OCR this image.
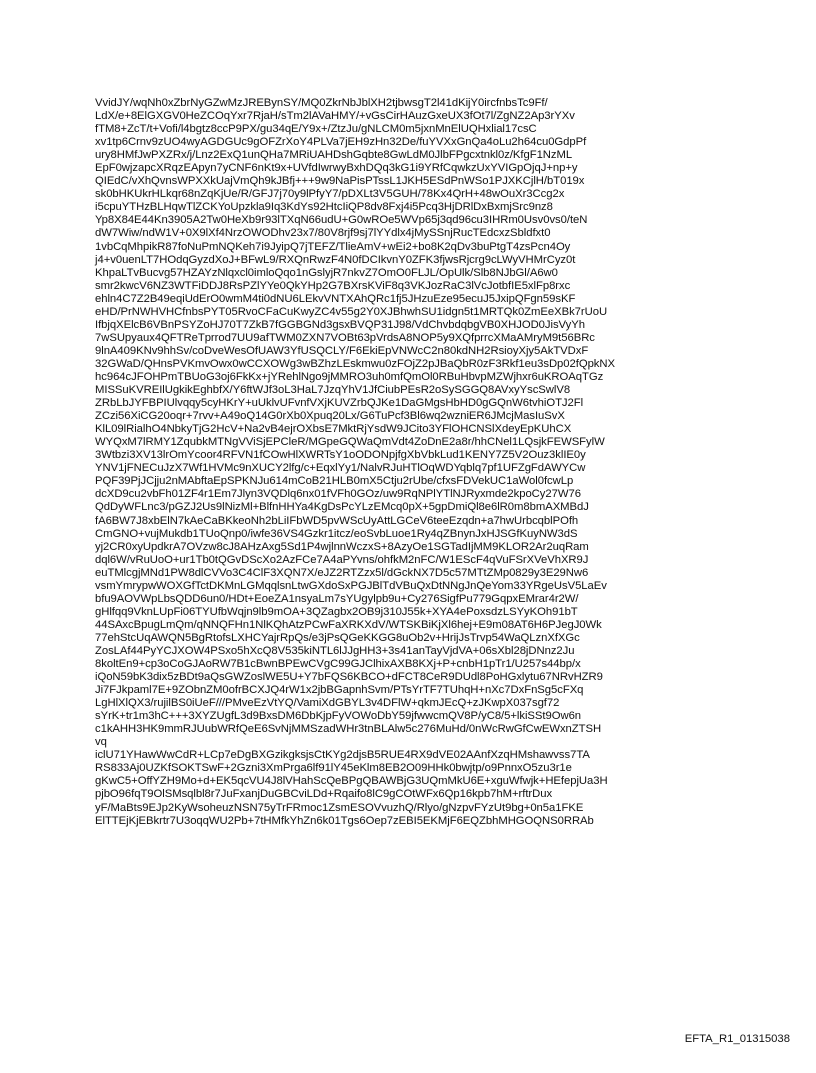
VvidJY/wqNh0xZbrNyGZwMzJREBynSY/MQ0ZkrNbJblXH2tjbwsgT2l41dKijY0ircfnbsTc9Ff/
LdX/e+8ElGXGV0HeZCOqYxr7RjaH/sTm2lAVaHMY/+vGsCirHAuzGxeUX3fOt7l/ZgNZ2Ap3rYXv
fTM8+ZcT/t+Vofi/l4bgtz8ccP9PX/gu34qE/Y9x+/ZtzJu/gNLCM0m5jxnMnElUQHxlial17csC
xv1tp6Crnv9zUO4wyAGDGUc9gOFZrXoY4PLVa7jEH9zHn32De/fuYVXxGnQa4oLu2h64cu0GdpPf
ury8HMfJwPXZRx/j/Lnz2ExQ1unQHa7MRiUAHDshGqbte8GwLdM0JlbFPgcxtnkl0z/KfgF1NzML
EpF0wjzapcXRqzEApyn7yCNF6nKt9x+UVfdIwrwyBxhDQq3kG1i9YRfCqwkzUxYVIGpOjqJ+np+y
QIEdC/vXhQvnsWPXXkUajVmQh9kJBfj+++9w9NaPisPTssL1JKH5ESdPnWSo1PJXKCjlH/bT019x
sk0bHKUkrHLkqr68nZqKjUe/R/GFJ7j70y9lPfyY7/pDXLt3V5GUH/78Kx4QrH+48wOuXr3Ccg2x
i5cpuYTHzBLHqwTlZCKYoUpzkla9Iq3KdYs92HtcIiQP8dv8Fxj4i5Pcq3HjDRlDxBxmjSrc9nz8
Yp8X84E44Kn3905A2Tw0HeXb9r93lTXqN66udU+G0wROe5WVp65j3qd96cu3IHRm0Usv0vs0/teN
dW7Wiw/ndW1V+0X9lXf4NrzOWODhv23x7/80V8rjf9sj7lYYdlx4jMySSnjRucTEdcxzSbldfxt0
1vbCqMhpikR87foNuPmNQKeh7i9JyipQ7jTEFZ/TlieAmV+wEi2+bo8K2qDv3buPtgT4zsPcn4Oy
j4+v0uenLT7HOdqGyzdXoJ+BFwL9/RXQnRwzF4N0fDCIkvnY0ZFK3fjwsRjcrg9cLWyVHMrCyz0t
KhpaLTvBucvg57HZAYzNlqxcl0imloQqo1nGslyjR7nkvZ7OmO0FLJL/OpUlk/Slb8NJbGl/A6w0
smr2kwcV6NZ3WTFiDDJ8RsPZlYYe0QkYHp2G7BXrsKViF8q3VKJozRaC3lVcJotbfIE5xlFp8rxc
ehln4C7Z2B49eqiUdErO0wmM4ti0dNU6LEkvVNTXAhQRc1fj5JHzuEze95ecuJ5JxipQFgn59sKF
eHD/PrNWHVHCfnbsPYT05RvoCFaCuKwyZC4v55g2Y0XJBhwhSU1idgn5t1MRTQk0ZmEeXBk7rUoU
IfbjqXElcB6VBnPSYZoHJ70T7ZkB7fGGBGNd3gsxBVQP31J98/VdChvbdqbgVB0XHJOD0JisVyYh
7wSUpyaux4QFTReTprrod7UU9afTWM0ZXN7VOBt63pVrdsA8NOP5y9XQfprrcXMaAMryM9t56BRc
9lnA409KNv9hhSv/coDveWesOfUAW3YfUSQCLY/F6EkiEpVNWcC2n80kdNH2RsioyXjy5AkTVDxF
32GWaD/QHnsPVKmvOwx0wCCXOWg3wBZhzLEskmwu0zFOjZ2pJBaQbR0zF3Rkf1eu3sDp02fQpkNX
hc964cJFOHPmTBUoG3oj6FkKx+jYRehlNgo9jMMRO3uh0mfQmOl0RBuHbvpMZWjhxr6uKROAqTGz
MISSuKVREIlUgkikEghbfX/Y6ftWJf3oL3HaL7JzqYhV1JfCiubPEsR2oSySGGQ8AVxyYscSwlV8
ZRbLbJYFBPIUlvqqy5cyHKrY+uUklvUFvnfVXjKUVZrbQJKe1DaGMgsHbHD0gGQnW6tvhiOTJ2Fl
ZCzi56XiCG20oqr+7rvv+A49oQ14G0rXb0Xpuq20Lx/G6TuPcf3Bl6wq2wzniER6JMcjMasIuSvX
KlL09lRialhO4NbkyTjG2HcV+Na2vB4ejrOXbsE7MktRjYsdW9JCito3YFlOHCNSlXdeyEpKUhCX
WYQxM7lRMY1ZqubkMTNgVViSjEPCleR/MGpeGQWaQmVdt4ZoDnE2a8r/hhCNel1LQsjkFEWSFylW
3Wtbzi3XV13lrOmYcoor4RFVN1fCOwHlXWRTsY1oODONpjfgXbVbkLud1KENY7Z5V2Ouz3klIE0y
YNV1jFNECuJzX7Wf1HVMc9nXUCY2lfg/c+EqxlYy1/NalvRJuHTlOqWDYqblq7pf1UFZgFdAWYCw
PQF39PjJCjju2nMAbftaEpSPKNJu614mCoB21HLB0mX5Ctju2rUbe/cfxsFDVekUC1aWol0fcwLp
dcXD9cu2vbFh01ZF4r1Em7Jlyn3VQDlq6nx01fVFh0GOz/uw9RqNPlYTlNJRyxmde2kpoCy27W76
QdDyWFLnc3/pGZJ2Us9lNizMl+BlfnHHYa4KgDsPcYLzEMcq0pX+5gpDmiQl8e6lR0m8bmAXMBdJ
fA6BW7J8xbElN7kAeCaBKkeoNh2bLiIFbWD5pvWScUyAttLGCeV6teeEzqdn+a7hwUrbcqblPOfh
CmGNO+vujMukdb1TUoQnp0/iwfe36VS4Gzkr1itcz/eoSvbLuoe1Ry4qZBnynJxHJSGfKuyNW3dS
yj2CR0xyUpdkrA7OVzw8cJ8AHzAxg5Sd1P4wjlnnWczxS+8AzyOe1SGTadIjMM9KLOR2Ar2uqRam
dql6W/vRuUoO+ur1Tb0tQGvDScXo2AzFCe7A4aPYvns/ohfkM2nFC/W1EScF4qVuFSrXVeVhXR9J
euTMlcgjMNd1PW8dlCVVo3C4ClF3XQN7X/eJZ2RTZzx5l/dGckNX7D5c57MTtZMp0829y3E29Nw6
vsmYmrypwWOXGfTctDKMnLGMqqlsnLtwGXdoSxPGJBlTdVBuQxDtNNgJnQeYom33YRgeUsV5LaEv
bfu9AOVWpLbsQDD6un0/HDt+EoeZA1nsyaLm7sYUgylpb9u+Cy276SigfPu779GqpxEMrar4r2W/
gHlfqq9VknLUpFi06TYUfbWqjn9lb9mOA+3QZagbx2OB9j310J55k+XYA4ePoxsdzLSYyKOh91bT
44SAxcBpugLmQm/qNNQFHn1NlKQhAtzPCwFaXRKXdV/WTSKBiKjXl6hej+E9m08AT6H6PJegJ0Wk
77ehStcUqAWQN5BgRtofsLXHCYajrRpQs/e3jPsQGeKKGG8uOb2v+HrijJsTrvp54WaQLznXfXGc
ZosLAf44PyYCJXOW4PSxo5hXcQ8V535kiNTL6lJJgHH3+3s41anTayVjdVA+06sXbl28jDNnz2Ju
8koltEn9+cp3oCoGJAoRW7B1cBwnBPEwCVgC99GJClhixAXB8KXj+P+cnbH1pTr1/U257s44bp/x
iQoN59bK3dix5zBDt9aQsGWZoslWE5U+Y7bFQS6KBCO+dFCT8CeR9DUdl8PoHGxlytu67NRvHZR9
Ji7FJkpaml7E+9ZObnZM0ofrBCXJQ4rW1x2jbBGapnhSvm/PTsYrTF7TUhqH+nXc7DxFnSg5cFXq
LgHlXlQX3/rujilBS0iUeF///PMveEzVtYQ/VamiXdGBYL3v4DFlW+qkmJEcQ+zJKwpX037sgf72
sYrK+tr1m3hC+++3XYZUgfL3d9BxsDM6DbKjpFyVOWoDbY59jfwwcmQV8P/yC8/5+lkiSSt9Ow6n
c1kAHH3HK9mmRJUubWRfQeE6SvNjMMSzadWHr3tnBLAlw5c276MuHd/0nWcRwGfCwEWxnZTSH
vq
iclU71YHawWwCdR+LCp7eDgBXGzikgksjsCtKYg2djsB5RUE4RX9dVE02AAnfXzqHMshawvss7TA
RS833Aj0UZKfSOKTSwF+2Gzni3XmPrga6lf91lY45eKlm8EB2O09HHk0bwjtp/o9PnnxO5zu3r1e
gKwC5+OffYZH9Mo+d+EK5qcVU4J8lVHahScQeBPgQBAWBjG3UQmMkU6E+xguWfwjk+HEfepjUa3H
pjbO96fqT9OlSMsqlbl8r7JuFxanjDuGBCviLDd+Rqaifo8lC9gCOtWFx6Qp16kpb7hM+rftrDux
yF/MaBts9EJp2KyWsoheuzNSN75yTrFRmoc1ZsmESOVvuzhQ/Rlyo/gNzpvFYzUt9bg+0n5a1FKE
ElTTEjKjEBkrtr7U3oqqWU2Pb+7tHMfkYhZn6k01Tgs6Oep7zEBI5EKMjF6EQZbhMHGOQNS0RRAb
EFTA_R1_01315038
